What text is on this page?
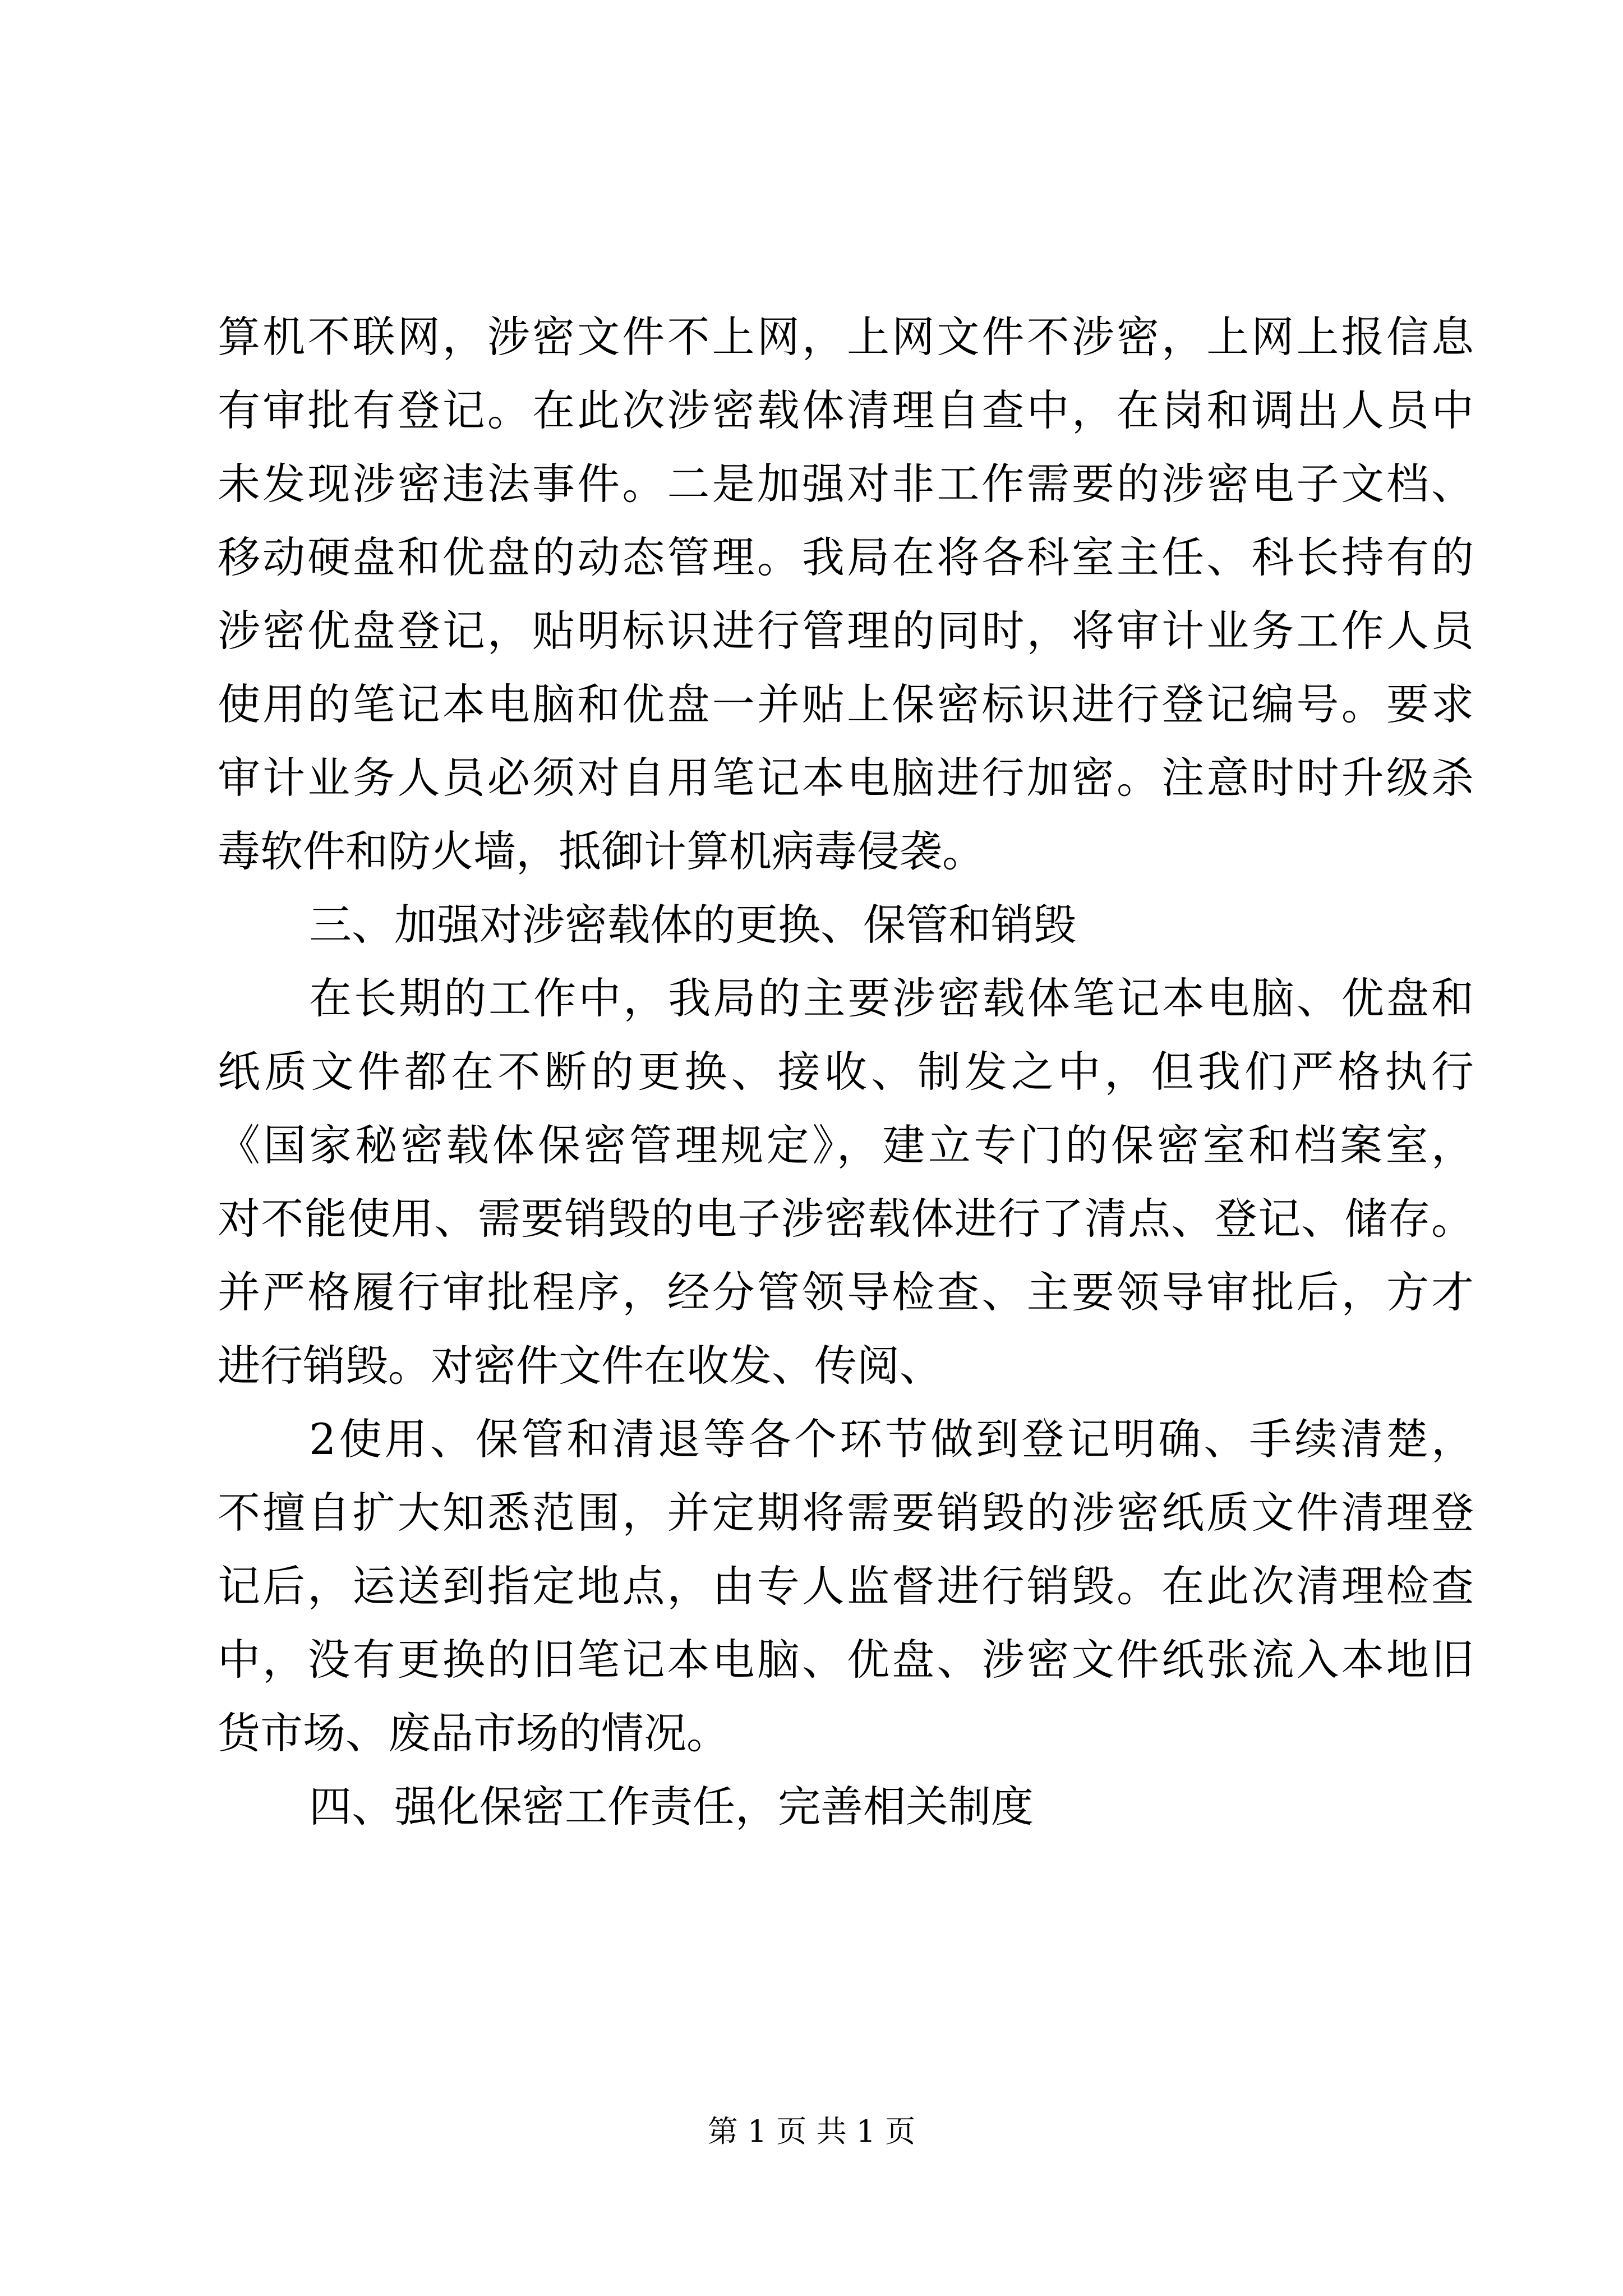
算机不联网，涉密文件不上网，上网文件不涉密，上网上报信息
有审批有登记。在此次涉密载体清理自查中，在岗和调出人员中
未发现涉密违法事件。二是加强对非工作需要的涉密电子文档、
移动硬盘和优盘的动态管理。我局在将各科室主任、科长持有的
涉密优盘登记，贴明标识进行管理的同时，将审计业务工作人员
使用的笔记本电脑和优盘一并贴上保密标识进行登记编号。要求
审计业务人员必须对自用笔记本电脑进行加密。注意时时升级杀
毒软件和防火墙，抵御计算机病毒侵袭。
三、加强对涉密载体的更换、保管和销毁
在长期的工作中，我局的主要涉密载体笔记本电脑、优盘和
纸质文件都在不断的更换、接收、制发之中，但我们严格执行
《国家秘密载体保密管理规定》，建立专门的保密室和档案室，
对不能使用、需要销毁的电子涉密载体进行了清点、登记、储存。
并严格履行审批程序，经分管领导检查、主要领导审批后，方才
进行销毁。对密件文件在收发、传阅、
2使用、保管和清退等各个环节做到登记明确、手续清楚，
不擅自扩大知悉范围，并定期将需要销毁的涉密纸质文件清理登
记后，运送到指定地点，由专人监督进行销毁。在此次清理检查
中，没有更换的旧笔记本电脑、优盘、涉密文件纸张流入本地旧
货市场、废品市场的情况。
四、强化保密工作责任，完善相关制度
第 1 页 共 1 页
